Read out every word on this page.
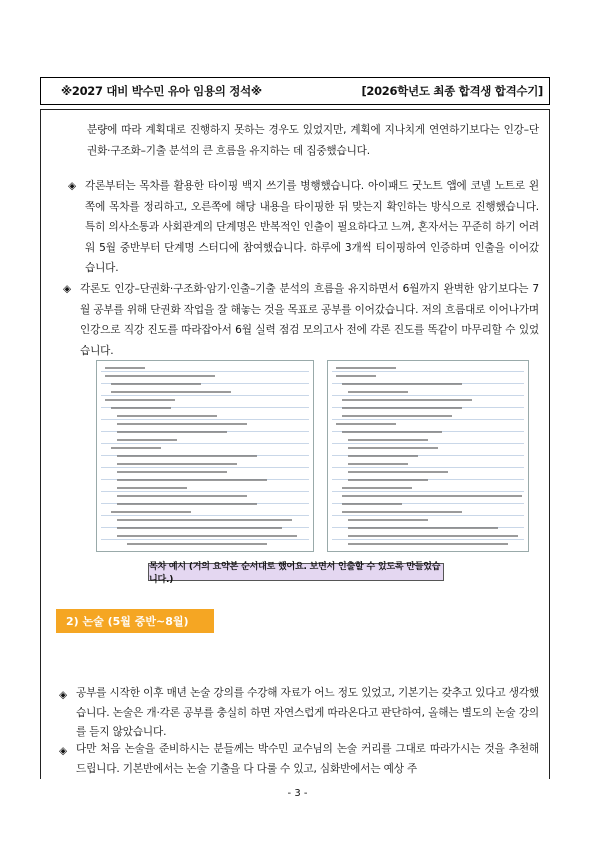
※2027 대비 박수민 유아 임용의 정석※	[2026학년도 최종 합격생 합격수기]
분량에 따라 계획대로 진행하지 못하는 경우도 있었지만, 계획에 지나치게 연연하기보다는 인강–단권화·구조화–기출 분석의 큰 흐름을 유지하는 데 집중했습니다.
◈ 각론부터는 목차를 활용한 타이핑 백지 쓰기를 병행했습니다. 아이패드 굿노트 앱에 코넬 노트로 왼쪽에 목차를 정리하고, 오른쪽에 해당 내용을 타이핑한 뒤 맞는지 확인하는 방식으로 진행했습니다. 특히 의사소통과 사회관계의 단계명은 반복적인 인출이 필요하다고 느껴, 혼자서는 꾸준히 하기 어려워 5월 중반부터 단계명 스터디에 참여했습니다. 하루에 3개씩 티이핑하여 인증하며 인출을 이어갔습니다.
◈ 각론도 인강–단권화·구조화·암기·인출–기출 분석의 흐름을 유지하면서 6월까지 완벽한 암기보다는 7월 공부를 위해 단권화 작업을 잘 해놓는 것을 목표로 공부를 이어갔습니다. 저의 흐름대로 이어나가며 인강으로 직강 진도를 따라잡아서 6월 실력 점검 모의고사 전에 각론 진도를 똑같이 마무리할 수 있었습니다.
목차 예시 (거의 요약본 순서대로 했어요. 보면서 인출할 수 있도록 만들었습니다.)
2) 논술 (5월 중반~8월)
◈ 공부를 시작한 이후 매년 논술 강의를 수강해 자료가 어느 정도 있었고, 기본기는 갖추고 있다고 생각했습니다. 논술은 개·각론 공부를 충실히 하면 자연스럽게 따라온다고 판단하여, 올해는 별도의 논술 강의를 듣지 않았습니다.
◈ 다만 처음 논술을 준비하시는 분들께는 박수민 교수님의 논술 커리를 그대로 따라가시는 것을 추천해 드립니다. 기본반에서는 논술 기출을 다 다룰 수 있고, 심화반에서는 예상 주
- 3 -
